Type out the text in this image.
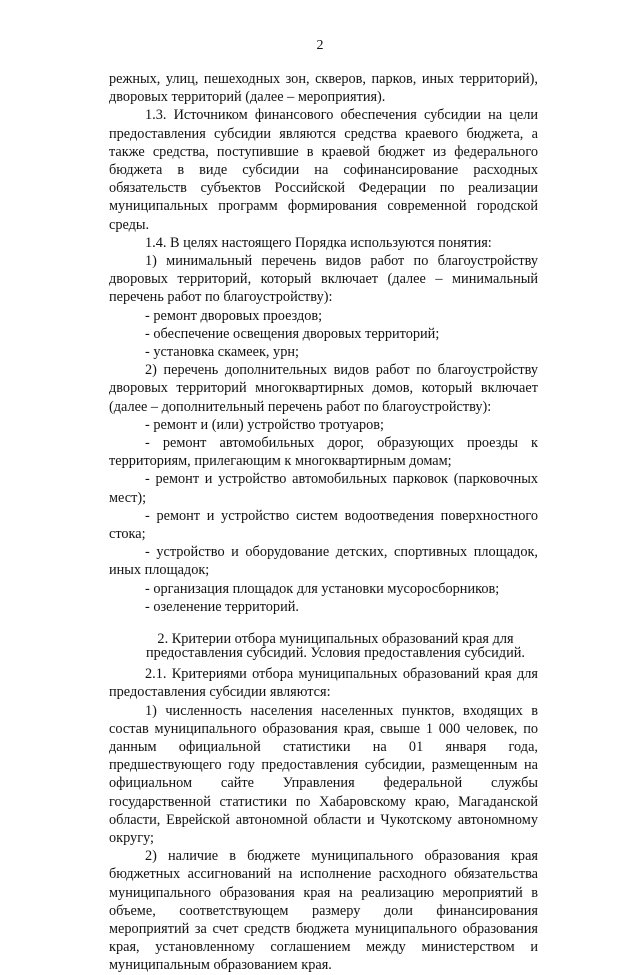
2

режных, улиц, пешеходных зон, скверов, парков, иных территорий), дворовых территорий (далее – мероприятия).

1.3. Источником финансового обеспечения субсидии на цели предоставления субсидии являются средства краевого бюджета, а также средства, поступившие в краевой бюджет из федерального бюджета в виде субсидии на софинансирование расходных обязательств субъектов Российской Федерации по реализации муниципальных программ формирования современной городской среды.

1.4. В целях настоящего Порядка используются понятия:

1) минимальный перечень видов работ по благоустройству дворовых территорий, который включает (далее – минимальный перечень работ по благоустройству):

- ремонт дворовых проездов;

- обеспечение освещения дворовых территорий;

- установка скамеек, урн;

2) перечень дополнительных видов работ по благоустройству дворовых территорий многоквартирных домов, который включает (далее – дополнительный перечень работ по благоустройству):

- ремонт и (или) устройство тротуаров;

- ремонт автомобильных дорог, образующих проезды к территориям, прилегающим к многоквартирным домам;

- ремонт и устройство автомобильных парковок (парковочных мест);

- ремонт и устройство систем водоотведения поверхностного стока;

- устройство и оборудование детских, спортивных площадок, иных площадок;

- организация площадок для установки мусоросборников;

- озеленение территорий.

2. Критерии отбора муниципальных образований края для предоставления субсидий. Условия предоставления субсидий.

2.1. Критериями отбора муниципальных образований края для предоставления субсидии являются:

1) численность населения населенных пунктов, входящих в состав муниципального образования края, свыше 1 000 человек, по данным официальной статистики на 01 января года, предшествующего году предоставления субсидии, размещенным на официальном сайте Управления федеральной службы государственной статистики по Хабаровскому краю, Магаданской области, Еврейской автономной области и Чукотскому автономному округу;

2) наличие в бюджете муниципального образования края бюджетных ассигнований на исполнение расходного обязательства муниципального образования края на реализацию мероприятий в объеме, соответствующем размеру доли финансирования мероприятий за счет средств бюджета муниципального образования края, установленному соглашением между министерством и муниципальным образованием края.
